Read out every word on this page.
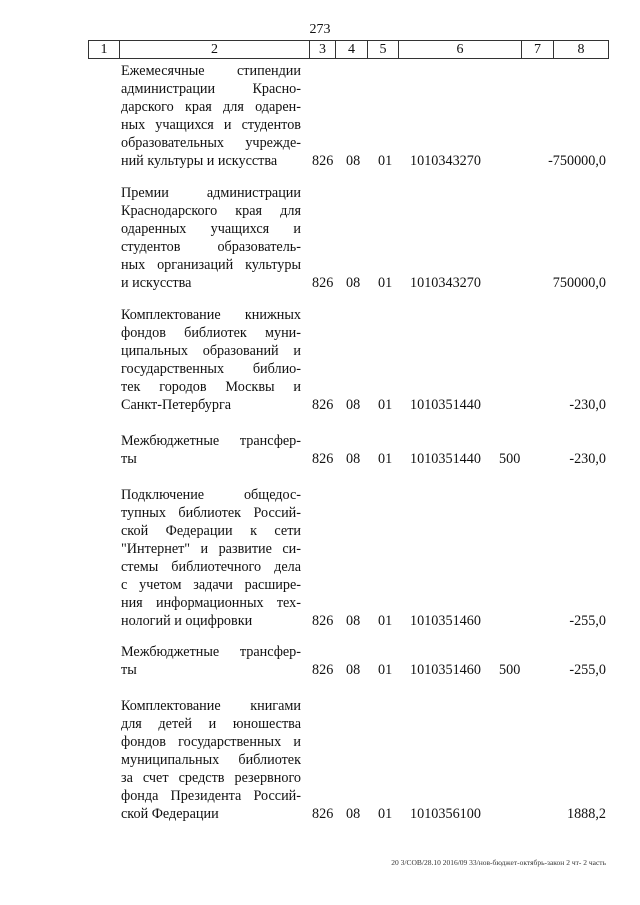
273
1	2	3	4	5	6	7	8
Ежемесячные стипендии
администрации Красно-
дарского края для одарен-
ных учащихся и студентов
образовательных учрежде-
ний культуры и искусства	826 08 01 1010343270	-750000,0
Премии администрации
Краснодарского края для
одаренных учащихся и
студентов образователь-
ных организаций культуры
и искусства	826 08 01 1010343270	750000,0
Комплектование книжных
фондов библиотек муни-
ципальных образований и
государственных библио-
тек городов Москвы и
Санкт-Петербурга	826 08 01 1010351440	-230,0
Межбюджетные трансфер-
ты	826 08 01 1010351440 500	-230,0
Подключение общедос-
тупных библиотек Россий-
ской Федерации к сети
"Интернет" и развитие си-
стемы библиотечного дела
с учетом задачи расшире-
ния информационных тех-
нологий и оцифровки	826 08 01 1010351460	-255,0
Межбюджетные трансфер-
ты	826 08 01 1010351460 500	-255,0
Комплектование книгами
для детей и юношества
фондов государственных и
муниципальных библиотек
за счет средств резервного
фонда Президента Россий-
ской Федерации	826 08 01 1010356100	1888,2
20 3/СОВ/28.10 2016/09 33/нов-бюджет-октябрь-закон 2 чт- 2 часть
